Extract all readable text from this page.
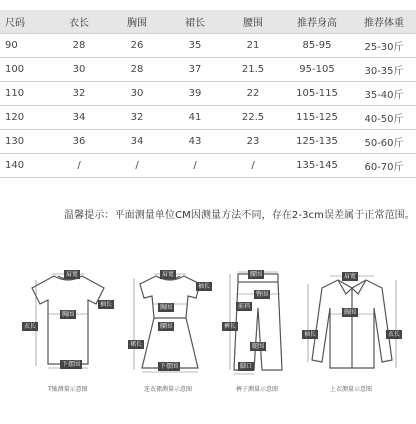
尺码	衣长	胸围	裙长	腰围	推荐身高	推荐体重
90	28	26	35	21	85-95	25-30斤
100	30	28	37	21.5	95-105	30-35斤
110	32	30	39	22	105-115	35-40斤
120	34	32	41	22.5	115-125	40-50斤
130	36	34	43	23	125-135	50-60斤
140	/	/	/	/	135-145	60-70斤
温馨提示：平面测量单位CM因测量方法不同，存在2-3cm误差属于正常范围。
肩宽
袖长
胸围
衣长
下摆围
T恤测量示意图
肩宽
袖长
胸围
腰围
裙长
下摆围
连衣裙测量示意图
腰围
臀围
前裆
裤长
腿围
脚口
裤子测量示意图
肩宽
胸围
袖长	衣长
上衣测量示意图
